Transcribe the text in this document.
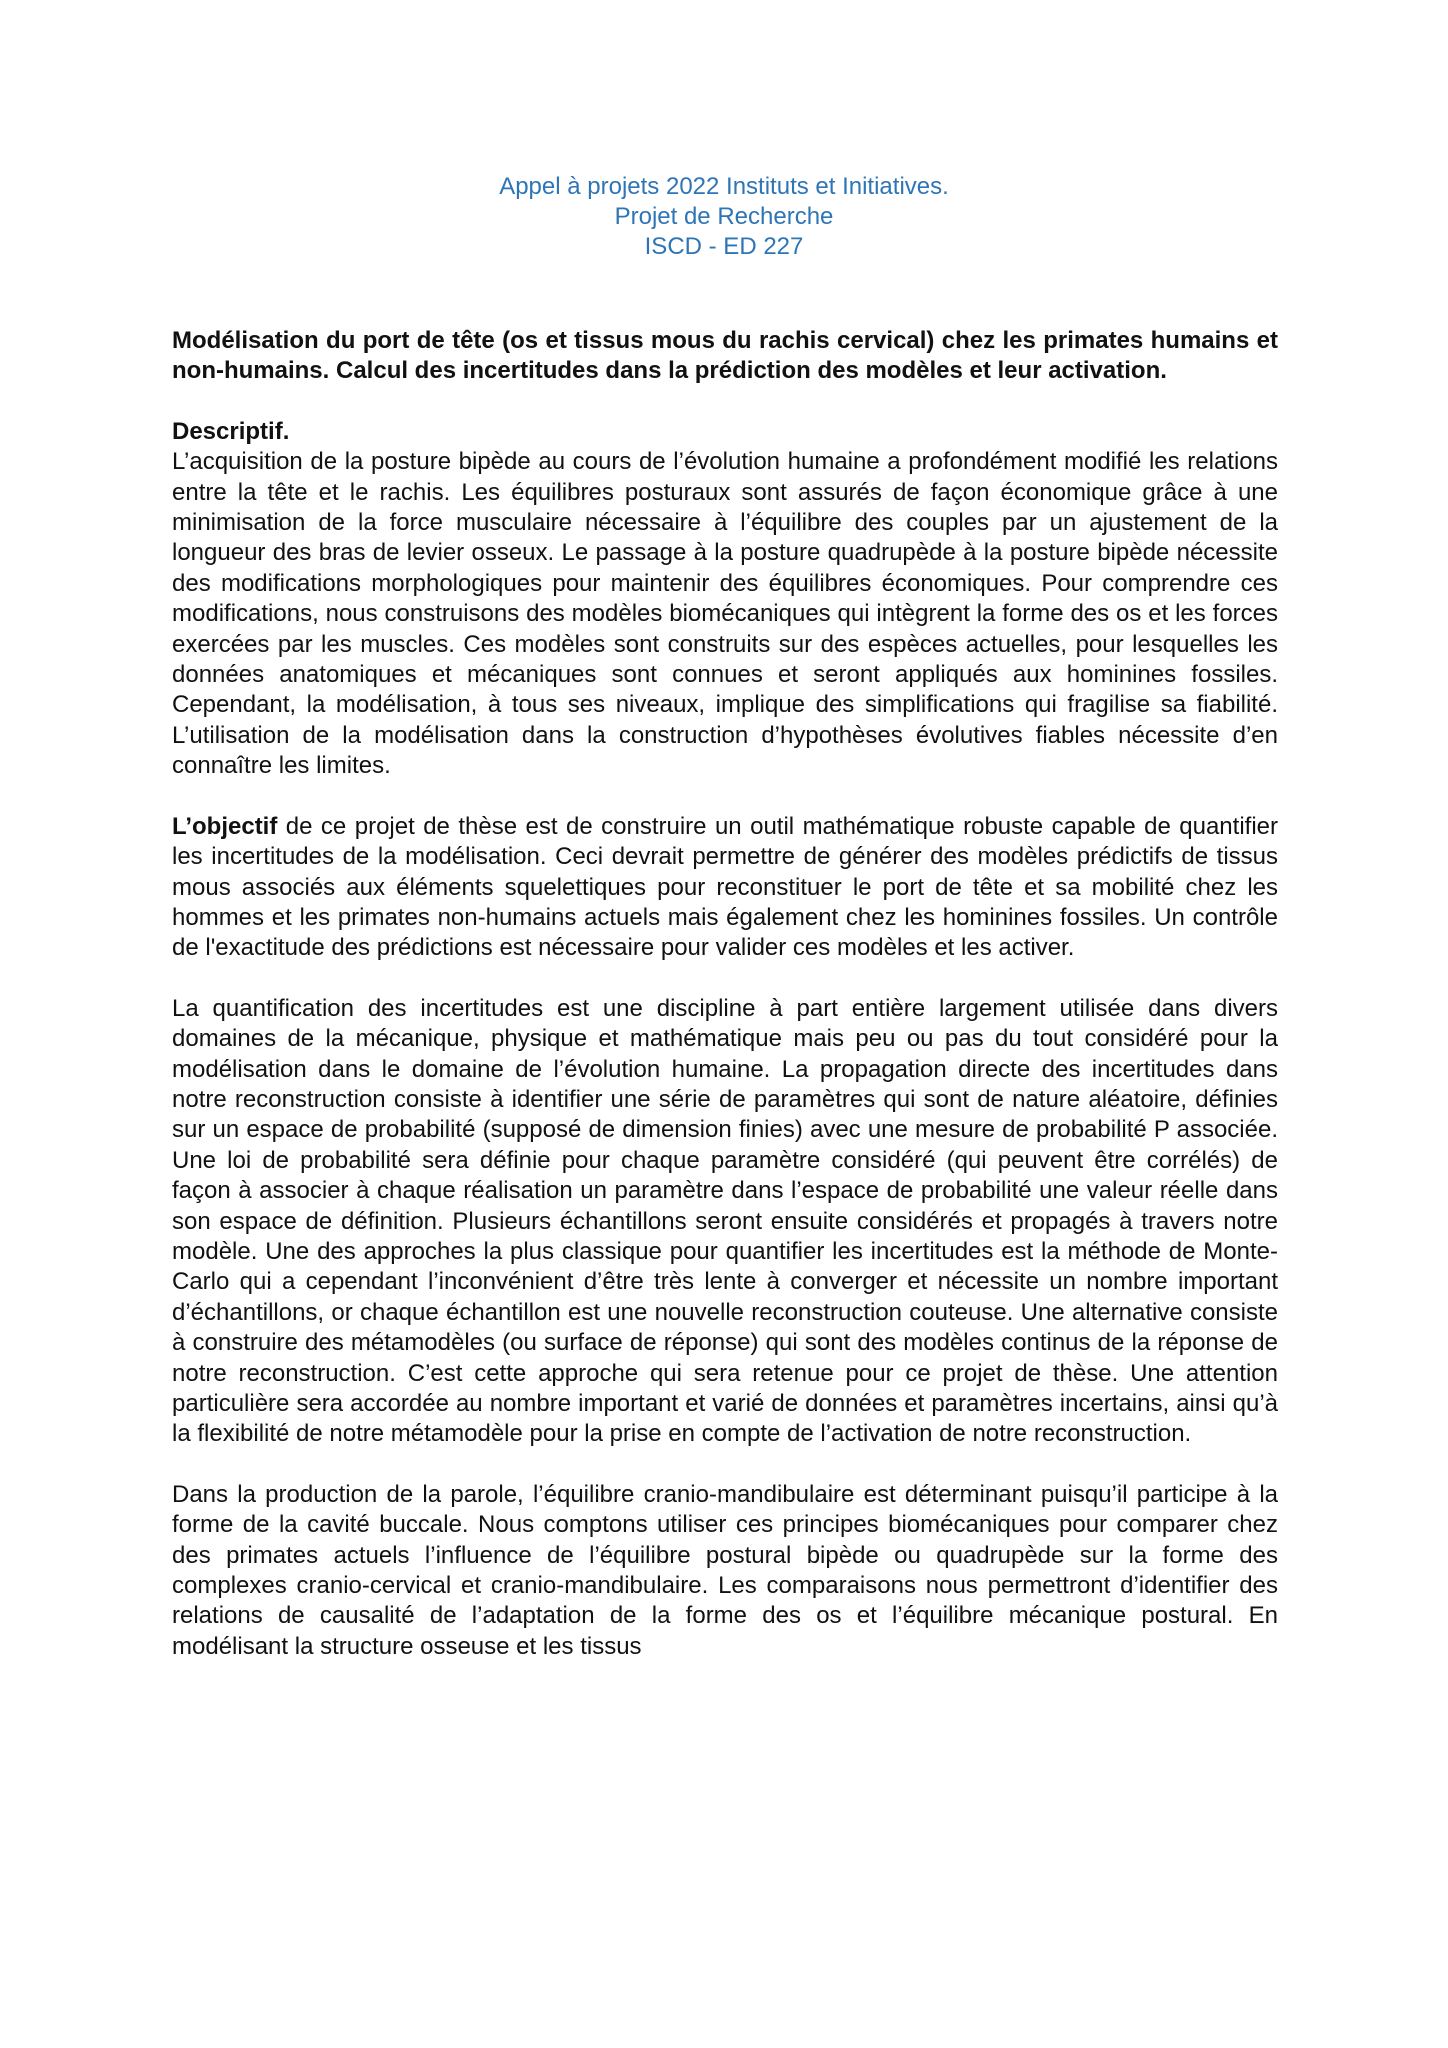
Appel à projets 2022 Instituts et Initiatives.
Projet de Recherche
ISCD - ED 227

Modélisation du port de tête (os et tissus mous du rachis cervical) chez les primates humains et non-humains. Calcul des incertitudes dans la prédiction des modèles et leur activation.

Descriptif.

L’acquisition de la posture bipède au cours de l’évolution humaine a profondément modifié les relations entre la tête et le rachis. Les équilibres posturaux sont assurés de façon économique grâce à une minimisation de la force musculaire nécessaire à l’équilibre des couples par un ajustement de la longueur des bras de levier osseux. Le passage à la posture quadrupède à la posture bipède nécessite des modifications morphologiques pour maintenir des équilibres économiques. Pour comprendre ces modifications, nous construisons des modèles biomécaniques qui intègrent la forme des os et les forces exercées par les muscles. Ces modèles sont construits sur des espèces actuelles, pour lesquelles les données anatomiques et mécaniques sont connues et seront appliqués aux hominines fossiles. Cependant, la modélisation, à tous ses niveaux, implique des simplifications qui fragilise sa fiabilité. L’utilisation de la modélisation dans la construction d’hypothèses évolutives fiables nécessite d’en connaître les limites.

L’objectif de ce projet de thèse est de construire un outil mathématique robuste capable de quantifier les incertitudes de la modélisation. Ceci devrait permettre de générer des modèles prédictifs de tissus mous associés aux éléments squelettiques pour reconstituer le port de tête et sa mobilité chez les hommes et les primates non-humains actuels mais également chez les hominines fossiles. Un contrôle de l'exactitude des prédictions est nécessaire pour valider ces modèles et les activer.

La quantification des incertitudes est une discipline à part entière largement utilisée dans divers domaines de la mécanique, physique et mathématique mais peu ou pas du tout considéré pour la modélisation dans le domaine de l’évolution humaine. La propagation directe des incertitudes dans notre reconstruction consiste à identifier une série de paramètres qui sont de nature aléatoire, définies sur un espace de probabilité (supposé de dimension finies) avec une mesure de probabilité P associée. Une loi de probabilité sera définie pour chaque paramètre considéré (qui peuvent être corrélés) de façon à associer à chaque réalisation un paramètre dans l’espace de probabilité une valeur réelle dans son espace de définition. Plusieurs échantillons seront ensuite considérés et propagés à travers notre modèle. Une des approches la plus classique pour quantifier les incertitudes est la méthode de Monte-Carlo qui a cependant l’inconvénient d’être très lente à converger et nécessite un nombre important d’échantillons, or chaque échantillon est une nouvelle reconstruction couteuse. Une alternative consiste à construire des métamodèles (ou surface de réponse) qui sont des modèles continus de la réponse de notre reconstruction. C’est cette approche qui sera retenue pour ce projet de thèse. Une attention particulière sera accordée au nombre important et varié de données et paramètres incertains, ainsi qu’à la flexibilité de notre métamodèle pour la prise en compte de l’activation de notre reconstruction.

Dans la production de la parole, l’équilibre cranio-mandibulaire est déterminant puisqu’il participe à la forme de la cavité buccale. Nous comptons utiliser ces principes biomécaniques pour comparer chez des primates actuels l’influence de l’équilibre postural bipède ou quadrupède sur la forme des complexes cranio-cervical et cranio-mandibulaire. Les comparaisons nous permettront d’identifier des relations de causalité de l’adaptation de la forme des os et l’équilibre mécanique postural. En modélisant la structure osseuse et les tissus
